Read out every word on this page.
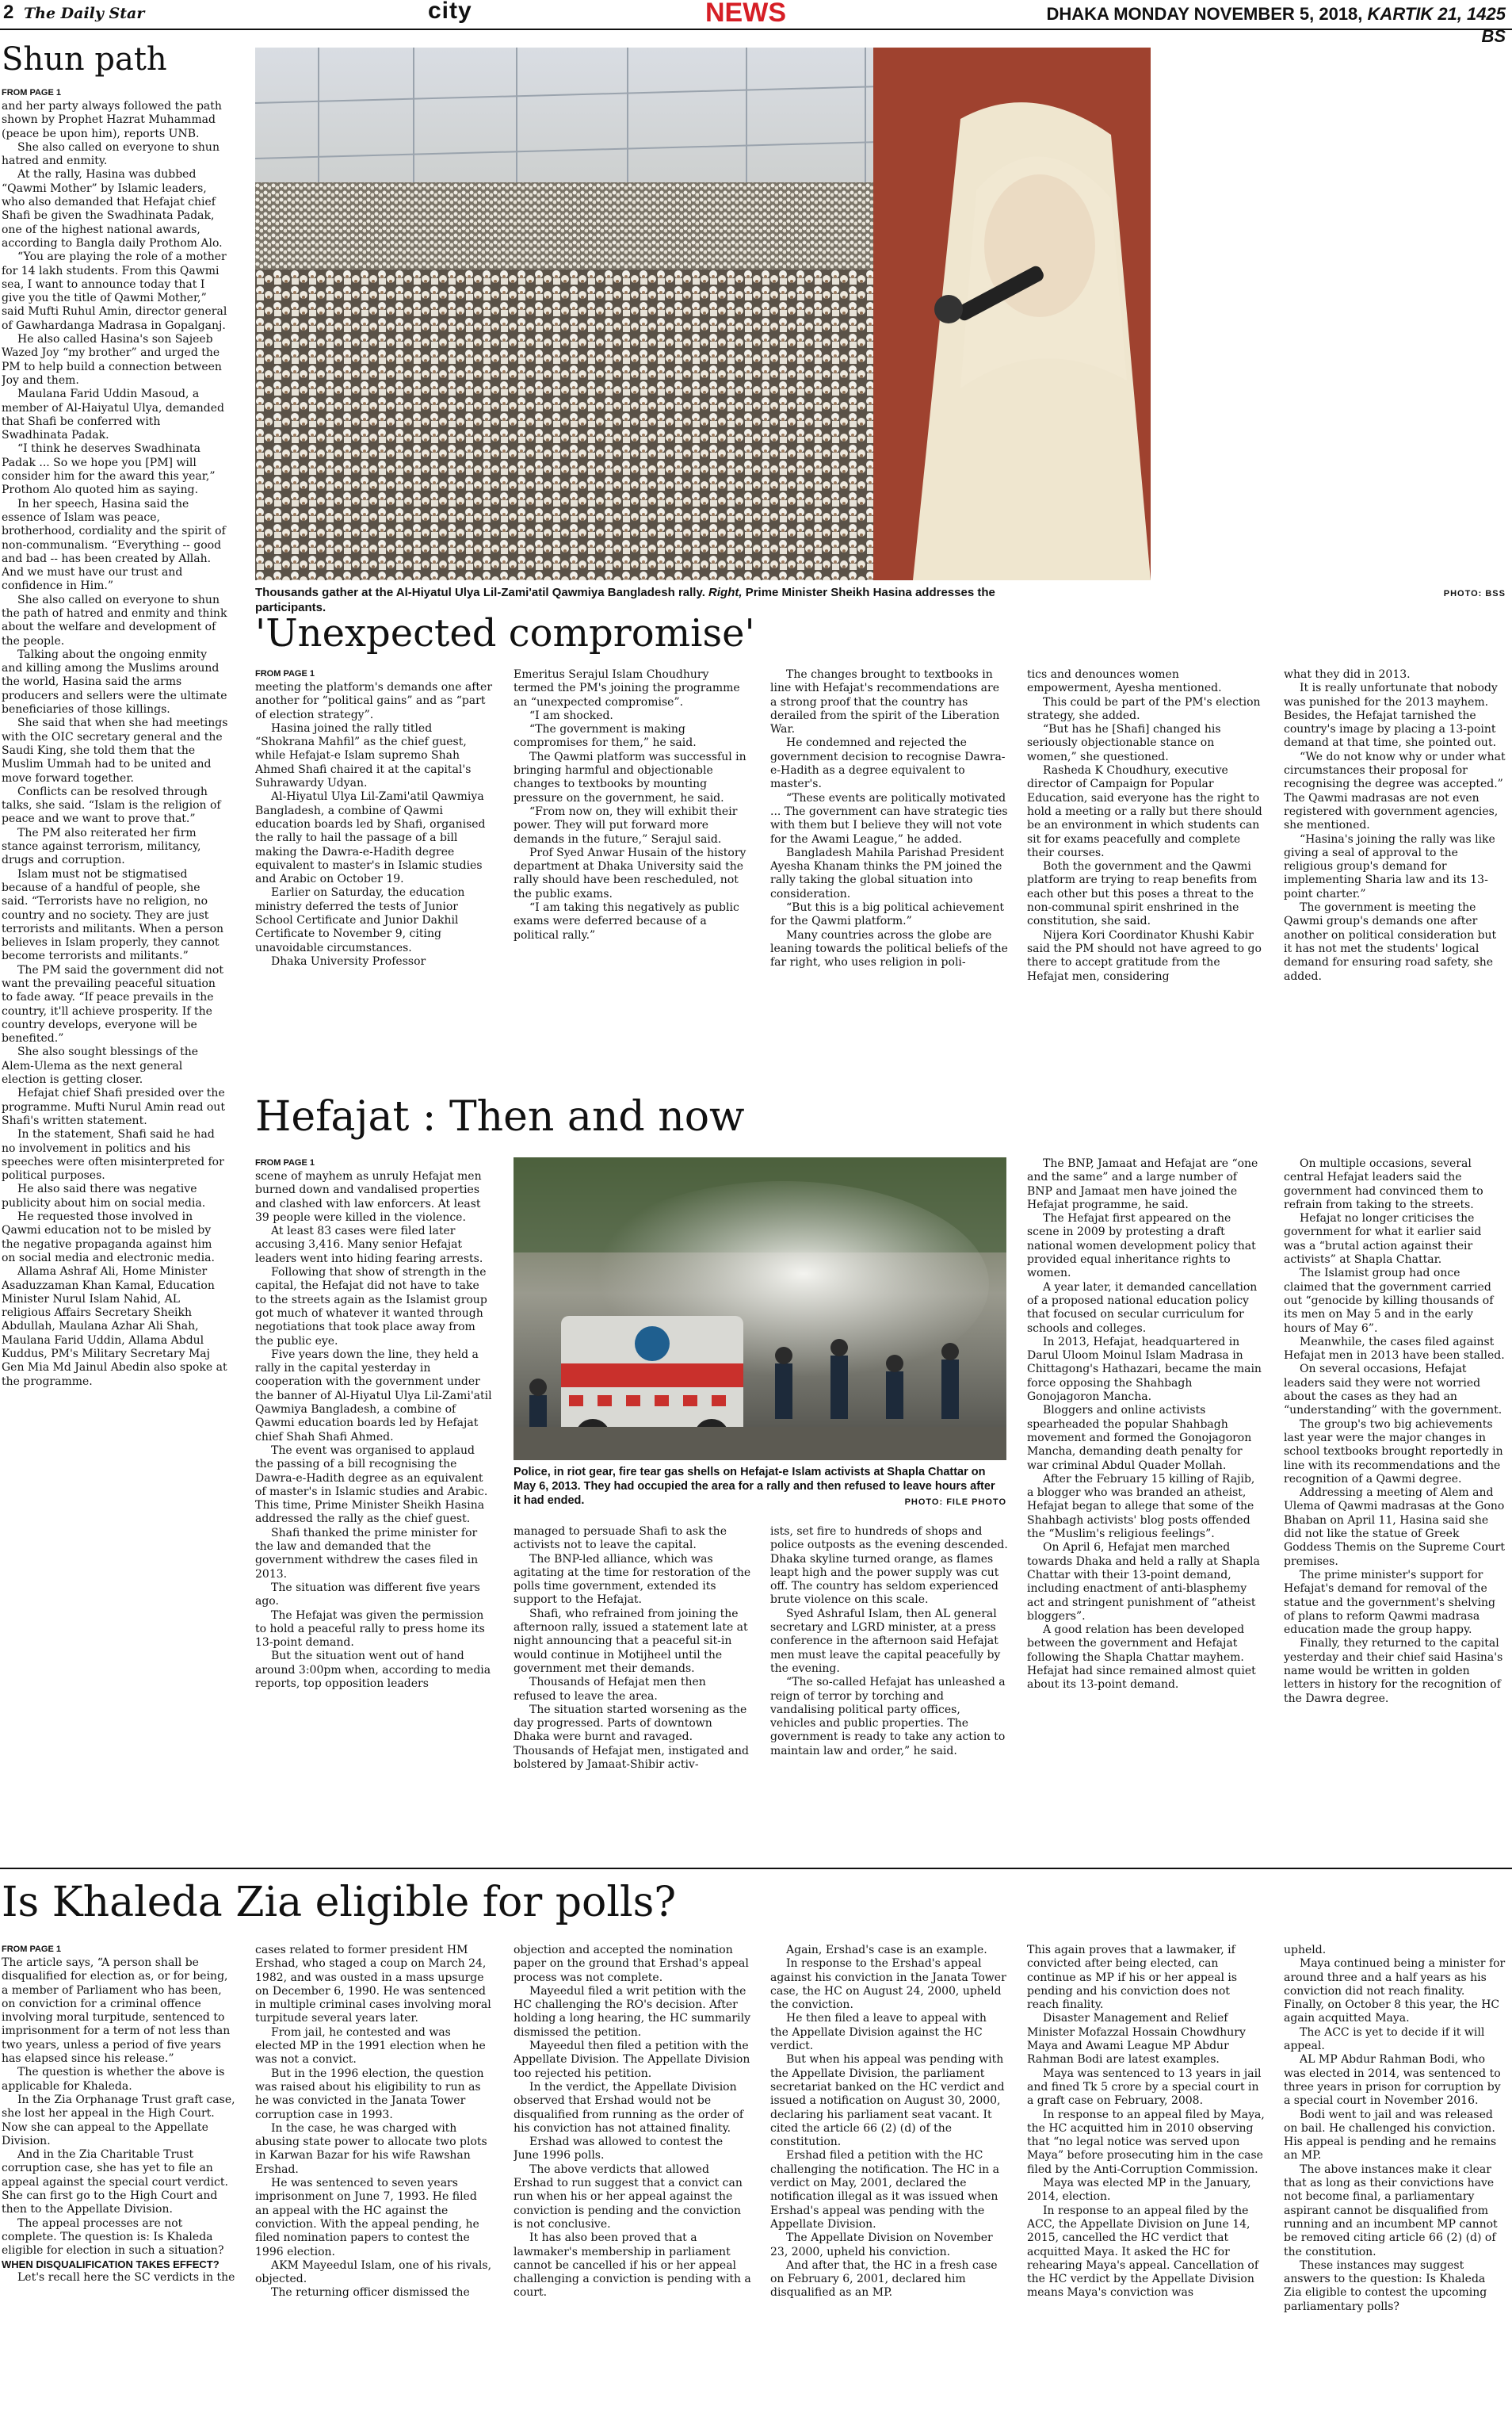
2 The Daily Star	city	NEWS	DHAKA MONDAY NOVEMBER 5, 2018, KARTIK 21, 1425 BS
Shun path
FROM PAGE 1

and her party always followed the path shown by Prophet Hazrat Muhammad (peace be upon him), reports UNB.

She also called on everyone to shun hatred and enmity.

At the rally, Hasina was dubbed “Qawmi Mother” by Islamic leaders, who also demanded that Hefajat chief Shafi be given the Swadhinata Padak, one of the highest national awards, according to Bangla daily Prothom Alo.

“You are playing the role of a mother for 14 lakh students. From this Qawmi sea, I want to announce today that I give you the title of Qawmi Mother,” said Mufti Ruhul Amin, director general of Gawhardanga Madrasa in Gopalganj.

He also called Hasina's son Sajeeb Wazed Joy “my brother” and urged the PM to help build a connection between Joy and them.

Maulana Farid Uddin Masoud, a member of Al-Haiyatul Ulya, demanded that Shafi be conferred with Swadhinata Padak.

“I think he deserves Swadhinata Padak ... So we hope you [PM] will consider him for the award this year,” Prothom Alo quoted him as saying.

In her speech, Hasina said the essence of Islam was peace, brotherhood, cordiality and the spirit of non-communalism. “Everything -- good and bad -- has been created by Allah. And we must have our trust and confidence in Him.”

She also called on everyone to shun the path of hatred and enmity and think about the welfare and development of the people.

Talking about the ongoing enmity and killing among the Muslims around the world, Hasina said the arms producers and sellers were the ultimate beneficiaries of those killings.

She said that when she had meetings with the OIC secretary general and the Saudi King, she told them that the Muslim Ummah had to be united and move forward together.

Conflicts can be resolved through talks, she said. “Islam is the religion of peace and we want to prove that.”

The PM also reiterated her firm stance against terrorism, militancy, drugs and corruption.

Islam must not be stigmatised because of a handful of people, she said. “Terrorists have no religion, no country and no society. They are just terrorists and militants. When a person believes in Islam properly, they cannot become terrorists and militants.”

The PM said the government did not want the prevailing peaceful situation to fade away. “If peace prevails in the country, it'll achieve prosperity. If the country develops, everyone will be benefited.”

She also sought blessings of the Alem-Ulema as the next general election is getting closer.

Hefajat chief Shafi presided over the programme. Mufti Nurul Amin read out Shafi's written statement.

In the statement, Shafi said he had no involvement in politics and his speeches were often misinterpreted for political purposes.

He also said there was negative publicity about him on social media.

He requested those involved in Qawmi education not to be misled by the negative propaganda against him on social media and electronic media.

Allama Ashraf Ali, Home Minister Asaduzzaman Khan Kamal, Education Minister Nurul Islam Nahid, AL religious Affairs Secretary Sheikh Abdullah, Maulana Azhar Ali Shah, Maulana Farid Uddin, Allama Abdul Kuddus, PM's Military Secretary Maj Gen Mia Md Jainul Abedin also spoke at the programme.

Thousands gather at the Al-Hiyatul Ulya Lil-Zami'atil Qawmiya Bangladesh rally. Right, Prime Minister Sheikh Hasina addresses the participants.
PHOTO: BSS
'Unexpected compromise'
FROM PAGE 1

meeting the platform's demands one after another for “political gains” and as “part of election strategy”.

Hasina joined the rally titled “Shokrana Mahfil” as the chief guest, while Hefajat-e Islam supremo Shah Ahmed Shafi chaired it at the capital's Suhrawardy Udyan.

Al-Hiyatul Ulya Lil-Zami'atil Qawmiya Bangladesh, a combine of Qawmi education boards led by Shafi, organised the rally to hail the passage of a bill making the Dawra-e-Hadith degree equivalent to master's in Islamic studies and Arabic on October 19.

Earlier on Saturday, the education ministry deferred the tests of Junior School Certificate and Junior Dakhil Certificate to November 9, citing unavoidable circumstances.

Dhaka University Professor

Emeritus Serajul Islam Choudhury termed the PM's joining the programme an “unexpected compromise”.

“I am shocked.

“The government is making compromises for them,” he said.

The Qawmi platform was successful in bringing harmful and objectionable changes to textbooks by mounting pressure on the government, he said.

“From now on, they will exhibit their power. They will put forward more demands in the future,” Serajul said.

Prof Syed Anwar Husain of the history department at Dhaka University said the rally should have been rescheduled, not the public exams.

“I am taking this negatively as public exams were deferred because of a political rally.”

The changes brought to textbooks in line with Hefajat's recommendations are a strong proof that the country has derailed from the spirit of the Liberation War.

He condemned and rejected the government decision to recognise Dawra-e-Hadith as a degree equivalent to master's.

“These events are politically motivated ... The government can have strategic ties with them but I believe they will not vote for the Awami League,” he added.

Bangladesh Mahila Parishad President Ayesha Khanam thinks the PM joined the rally taking the global situation into consideration.

“But this is a big political achievement for the Qawmi platform.”

Many countries across the globe are leaning towards the political beliefs of the far right, who uses religion in poli-

tics and denounces women empowerment, Ayesha mentioned.

This could be part of the PM's election strategy, she added.

“But has he [Shafi] changed his seriously objectionable stance on women,” she questioned.

Rasheda K Choudhury, executive director of Campaign for Popular Education, said everyone has the right to hold a meeting or a rally but there should be an environment in which students can sit for exams peacefully and complete their courses.

Both the government and the Qawmi platform are trying to reap benefits from each other but this poses a threat to the non-communal spirit enshrined in the constitution, she said.

Nijera Kori Coordinator Khushi Kabir said the PM should not have agreed to go there to accept gratitude from the Hefajat men, considering

what they did in 2013.

It is really unfortunate that nobody was punished for the 2013 mayhem. Besides, the Hefajat tarnished the country's image by placing a 13-point demand at that time, she pointed out.

“We do not know why or under what circumstances their proposal for recognising the degree was accepted.” The Qawmi madrasas are not even registered with government agencies, she mentioned.

“Hasina's joining the rally was like giving a seal of approval to the religious group's demand for implementing Sharia law and its 13-point charter.”

The government is meeting the Qawmi group's demands one after another on political consideration but it has not met the students' logical demand for ensuring road safety, she added.

Hefajat : Then and now
FROM PAGE 1

scene of mayhem as unruly Hefajat men burned down and vandalised properties and clashed with law enforcers. At least 39 people were killed in the violence.

At least 83 cases were filed later accusing 3,416. Many senior Hefajat leaders went into hiding fearing arrests.

Following that show of strength in the capital, the Hefajat did not have to take to the streets again as the Islamist group got much of whatever it wanted through negotiations that took place away from the public eye.

Five years down the line, they held a rally in the capital yesterday in cooperation with the government under the banner of Al-Hiyatul Ulya Lil-Zami'atil Qawmiya Bangladesh, a combine of Qawmi education boards led by Hefajat chief Shah Shafi Ahmed.

The event was organised to applaud the passing of a bill recognising the Dawra-e-Hadith degree as an equivalent of master's in Islamic studies and Arabic. This time, Prime Minister Sheikh Hasina addressed the rally as the chief guest.

Shafi thanked the prime minister for the law and demanded that the government withdrew the cases filed in 2013.

The situation was different five years ago.

The Hefajat was given the permission to hold a peaceful rally to press home its 13-point demand.

But the situation went out of hand around 3:00pm when, according to media reports, top opposition leaders

Police, in riot gear, fire tear gas shells on Hefajat-e Islam activists at Shapla Chattar on May 6, 2013. They had occupied the area for a rally and then refused to leave hours after it had ended.	PHOTO: FILE PHOTO

managed to persuade Shafi to ask the activists not to leave the capital.

The BNP-led alliance, which was agitating at the time for restoration of the polls time government, extended its support to the Hefajat.

Shafi, who refrained from joining the afternoon rally, issued a statement late at night announcing that a peaceful sit-in would continue in Motijheel until the government met their demands.

Thousands of Hefajat men then refused to leave the area.

The situation started worsening as the day progressed. Parts of downtown Dhaka were burnt and ravaged. Thousands of Hefajat men, instigated and bolstered by Jamaat-Shibir activ-

ists, set fire to hundreds of shops and police outposts as the evening descended. Dhaka skyline turned orange, as flames leapt high and the power supply was cut off. The country has seldom experienced brute violence on this scale.

Syed Ashraful Islam, then AL general secretary and LGRD minister, at a press conference in the afternoon said Hefajat men must leave the capital peacefully by the evening.

“The so-called Hefajat has unleashed a reign of terror by torching and vandalising political party offices, vehicles and public properties. The government is ready to take any action to maintain law and order,” he said.

The BNP, Jamaat and Hefajat are “one and the same” and a large number of BNP and Jamaat men have joined the Hefajat programme, he said.

The Hefajat first appeared on the scene in 2009 by protesting a draft national women development policy that provided equal inheritance rights to women.

A year later, it demanded cancellation of a proposed national education policy that focused on secular curriculum for schools and colleges.

In 2013, Hefajat, headquartered in Darul Uloom Moinul Islam Madrasa in Chittagong's Hathazari, became the main force opposing the Shahbagh Gonojagoron Mancha.

Bloggers and online activists spearheaded the popular Shahbagh movement and formed the Gonojagoron Mancha, demanding death penalty for war criminal Abdul Quader Mollah.

After the February 15 killing of Rajib, a blogger who was branded an atheist, Hefajat began to allege that some of the Shahbagh activists' blog posts offended the “Muslim's religious feelings”.

On April 6, Hefajat men marched towards Dhaka and held a rally at Shapla Chattar with their 13-point demand, including enactment of anti-blasphemy act and stringent punishment of “atheist bloggers”.

A good relation has been developed between the government and Hefajat following the Shapla Chattar mayhem. Hefajat had since remained almost quiet about its 13-point demand.

On multiple occasions, several central Hefajat leaders said the government had convinced them to refrain from taking to the streets.

Hefajat no longer criticises the government for what it earlier said was a “brutal action against their activists” at Shapla Chattar.

The Islamist group had once claimed that the government carried out “genocide by killing thousands of its men on May 5 and in the early hours of May 6”.

Meanwhile, the cases filed against Hefajat men in 2013 have been stalled.

On several occasions, Hefajat leaders said they were not worried about the cases as they had an “understanding” with the government.

The group's two big achievements last year were the major changes in school textbooks brought reportedly in line with its recommendations and the recognition of a Qawmi degree.

Addressing a meeting of Alem and Ulema of Qawmi madrasas at the Gono Bhaban on April 11, Hasina said she did not like the statue of Greek Goddess Themis on the Supreme Court premises.

The prime minister's support for Hefajat's demand for removal of the statue and the government's shelving of plans to reform Qawmi madrasa education made the group happy.

Finally, they returned to the capital yesterday and their chief said Hasina's name would be written in golden letters in history for the recognition of the Dawra degree.

Is Khaleda Zia eligible for polls?
FROM PAGE 1

The article says, “A person shall be disqualified for election as, or for being, a member of Parliament who has been, on conviction for a criminal offence involving moral turpitude, sentenced to imprisonment for a term of not less than two years, unless a period of five years has elapsed since his release.”

The question is whether the above is applicable for Khaleda.

In the Zia Orphanage Trust graft case, she lost her appeal in the High Court. Now she can appeal to the Appellate Division.

And in the Zia Charitable Trust corruption case, she has yet to file an appeal against the special court verdict. She can first go to the High Court and then to the Appellate Division.

The appeal processes are not complete. The question is: Is Khaleda eligible for election in such a situation?

WHEN DISQUALIFICATION TAKES EFFECT?

Let's recall here the SC verdicts in the

cases related to former president HM Ershad, who staged a coup on March 24, 1982, and was ousted in a mass upsurge on December 6, 1990. He was sentenced in multiple criminal cases involving moral turpitude several years later.

From jail, he contested and was elected MP in the 1991 election when he was not a convict.

But in the 1996 election, the question was raised about his eligibility to run as he was convicted in the Janata Tower corruption case in 1993.

In the case, he was charged with abusing state power to allocate two plots in Karwan Bazar for his wife Rawshan Ershad.

He was sentenced to seven years imprisonment on June 7, 1993. He filed an appeal with the HC against the conviction. With the appeal pending, he filed nomination papers to contest the 1996 election.

AKM Mayeedul Islam, one of his rivals, objected.

The returning officer dismissed the

objection and accepted the nomination paper on the ground that Ershad's appeal process was not complete.

Mayeedul filed a writ petition with the HC challenging the RO's decision. After holding a long hearing, the HC summarily dismissed the petition.

Mayeedul then filed a petition with the Appellate Division. The Appellate Division too rejected his petition.

In the verdict, the Appellate Division observed that Ershad would not be disqualified from running as the order of his conviction has not attained finality.

Ershad was allowed to contest the June 1996 polls.

The above verdicts that allowed Ershad to run suggest that a convict can run when his or her appeal against the conviction is pending and the conviction is not conclusive.

It has also been proved that a lawmaker's membership in parliament cannot be cancelled if his or her appeal challenging a conviction is pending with a court.

Again, Ershad's case is an example.

In response to the Ershad's appeal against his conviction in the Janata Tower case, the HC on August 24, 2000, upheld the conviction.

He then filed a leave to appeal with the Appellate Division against the HC verdict.

But when his appeal was pending with the Appellate Division, the parliament secretariat banked on the HC verdict and issued a notification on August 30, 2000, declaring his parliament seat vacant. It cited the article 66 (2) (d) of the constitution.

Ershad filed a petition with the HC challenging the notification. The HC in a verdict on May, 2001, declared the notification illegal as it was issued when Ershad's appeal was pending with the Appellate Division.

The Appellate Division on November 23, 2000, upheld his conviction.

And after that, the HC in a fresh case on February 6, 2001, declared him disqualified as an MP.

This again proves that a lawmaker, if convicted after being elected, can continue as MP if his or her appeal is pending and his conviction does not reach finality.

Disaster Management and Relief Minister Mofazzal Hossain Chowdhury Maya and Awami League MP Abdur Rahman Bodi are latest examples.

Maya was sentenced to 13 years in jail and fined Tk 5 crore by a special court in a graft case on February, 2008.

In response to an appeal filed by Maya, the HC acquitted him in 2010 observing that “no legal notice was served upon Maya” before prosecuting him in the case filed by the Anti-Corruption Commission.

Maya was elected MP in the January, 2014, election.

In response to an appeal filed by the ACC, the Appellate Division on June 14, 2015, cancelled the HC verdict that acquitted Maya. It asked the HC for rehearing Maya's appeal. Cancellation of the HC verdict by the Appellate Division means Maya's conviction was

upheld.

Maya continued being a minister for around three and a half years as his conviction did not reach finality. Finally, on October 8 this year, the HC again acquitted Maya.

The ACC is yet to decide if it will appeal.

AL MP Abdur Rahman Bodi, who was elected in 2014, was sentenced to three years in prison for corruption by a special court in November 2016.

Bodi went to jail and was released on bail. He challenged his conviction. His appeal is pending and he remains an MP.

The above instances make it clear that as long as their convictions have not become final, a parliamentary aspirant cannot be disqualified from running and an incumbent MP cannot be removed citing article 66 (2) (d) of the constitution.

These instances may suggest answers to the question: Is Khaleda Zia eligible to contest the upcoming parliamentary polls?
